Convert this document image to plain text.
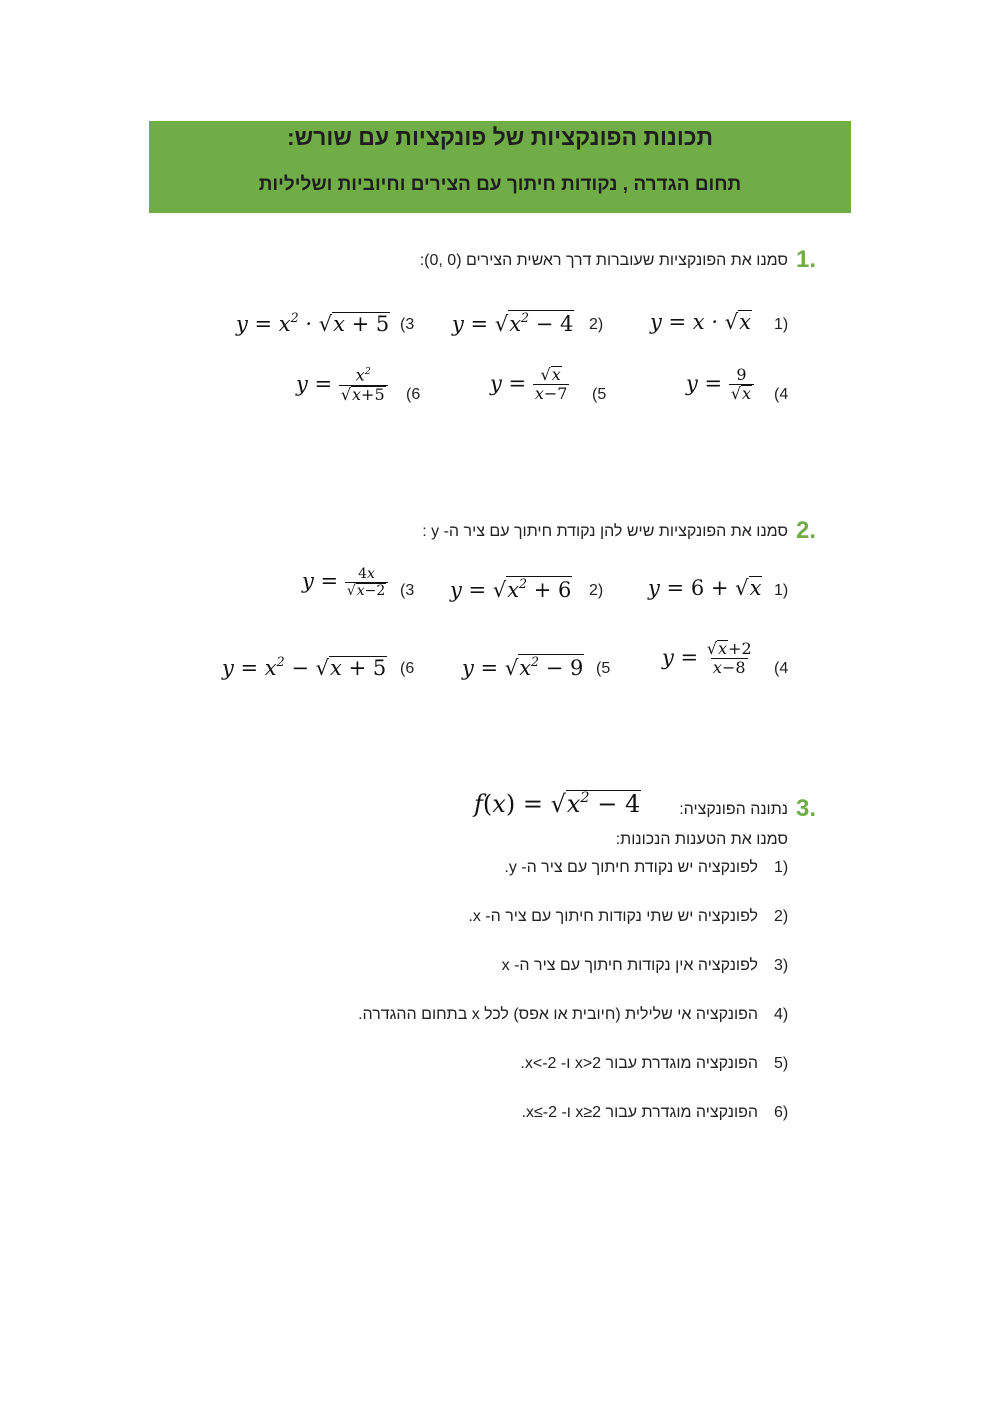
תכונות הפונקציות של פונקציות עם שורש:
תחום הגדרה , נקודות חיתוך עם הצירים וחיוביות ושליליות
1.
סמנו את הפונקציות שעוברות דרך ראשית הצירים (0 ,0):
1)
y = x · √x
2)
$y = √x^2 - 4$
(3
$y = x^2 \cdot √x + 5$
(4
$y = \frac{9}{√x}$
(5
$y = \frac{√x}{x-7}$
(6
$y = \frac{x^2}{√x+5}$
2.
סמנו את הפונקציות שיש להן נקודת חיתוך עם ציר ה- y :
1)
y = 6 + √x
2)
$y = √x^2 + 6$
(3
$y = \frac{4x}{√x-2}$
(4
$y = \frac{√x+2}{x-8}$
(5
$y = √x^2 - 9$
(6
$y = x^2 - √x + 5$
3.
נתונה הפונקציה:
$f(x) = √x^2 - 4$
סמנו את הטענות הנכונות:
1)
לפונקציה יש נקודת חיתוך עם ציר ה- y.
2)
לפונקציה יש שתי נקודות חיתוך עם ציר ה- x.
3)
לפונקציה אין נקודות חיתוך עם ציר ה- x
4)
הפונקציה אי שלילית (חיובית או אפס) לכל x בתחום ההגדרה.
5)
הפונקציה מוגדרת עבור x>2 ו- x<-2.
6)
הפונקציה מוגדרת עבור x≥2 ו- x≤-2.
